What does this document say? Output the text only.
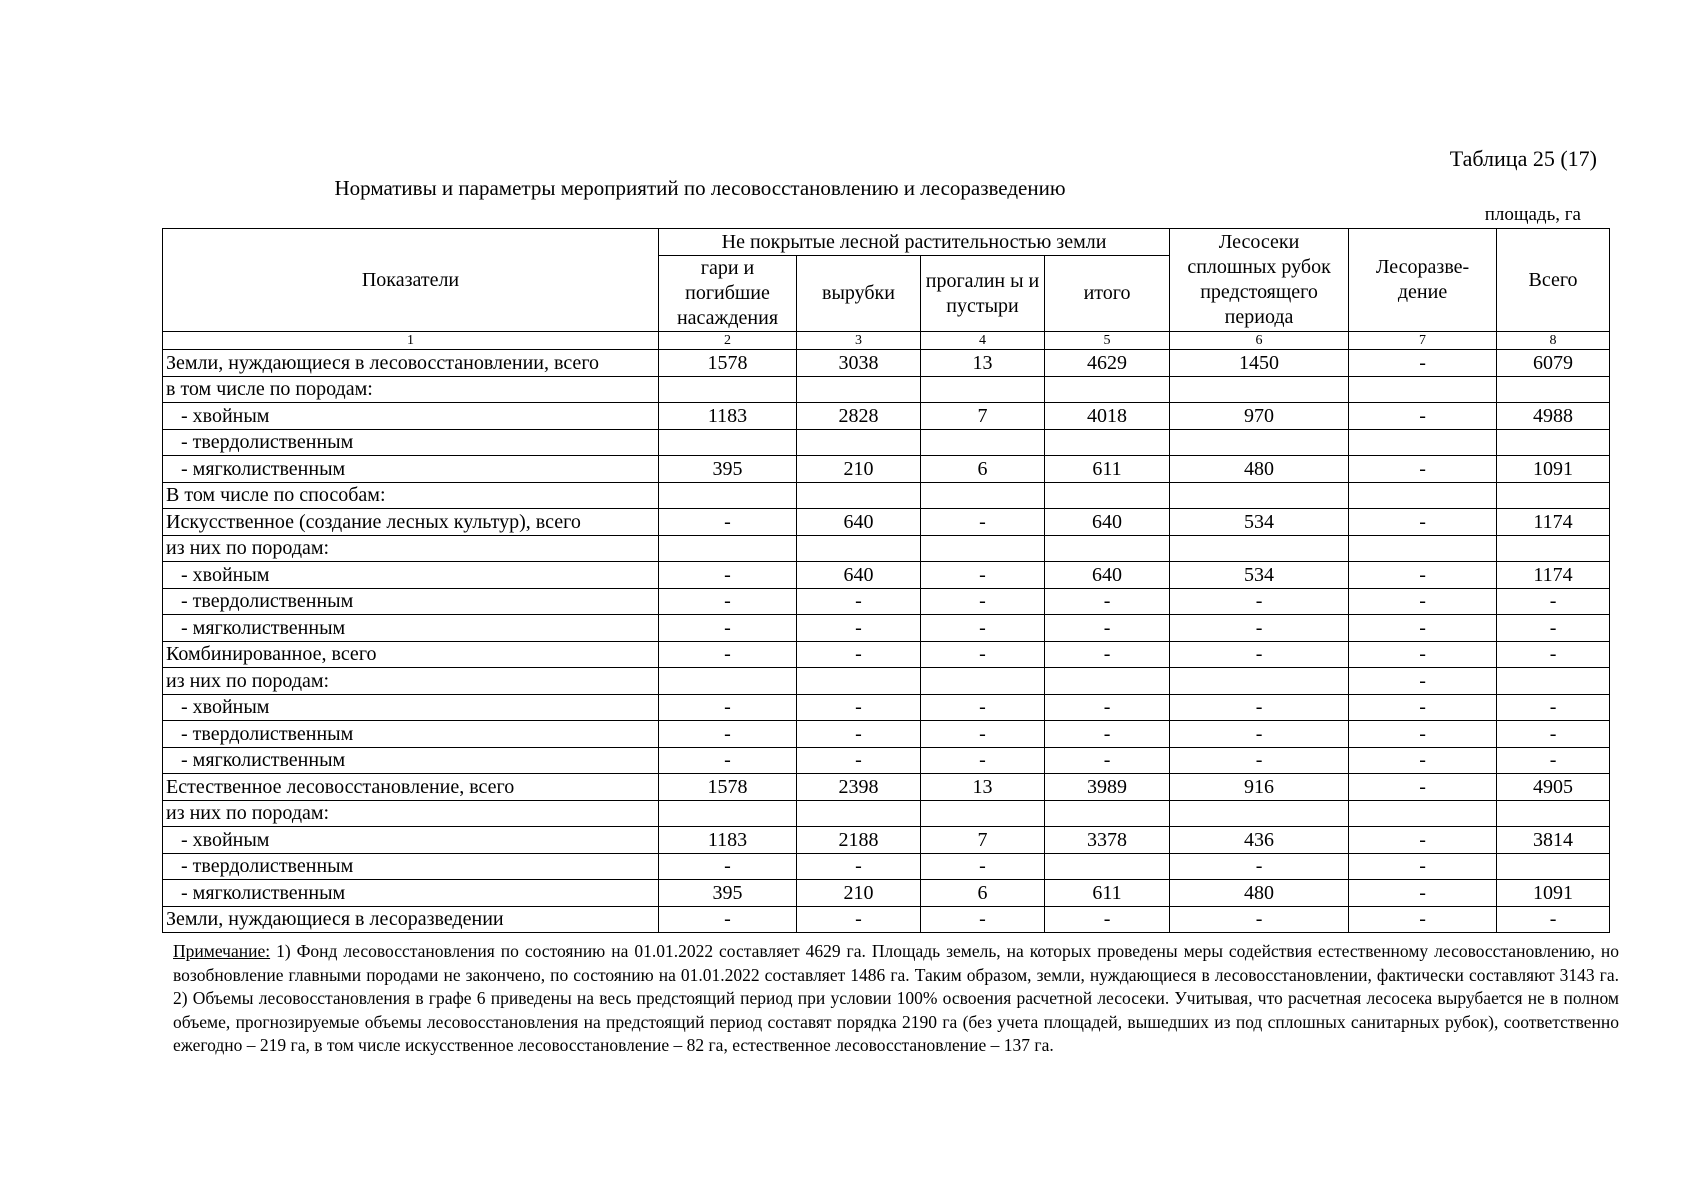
Таблица 25 (17)
Нормативы и параметры мероприятий по лесовосстановлению и лесоразведению
площадь, га
Показатели	Не покрытые лесной растительностью земли				Лесосеки сплошных рубок предстоящего периода	Лесоразве-дение	Всего
	гари и погибшие насаждения	вырубки	прогалин ы и пустыри	итого			
1	2	3	4	5	6	7	8
Земли, нуждающиеся в лесовосстановлении, всего	1578	3038	13	4629	1450	-	6079
в том числе по породам:							
- хвойным	1183	2828	7	4018	970	-	4988
- твердолиственным							
- мягколиственным	395	210	6	611	480	-	1091
В том числе по способам:							
Искусственное (создание лесных культур), всего	-	640	-	640	534	-	1174
из них по породам:							
- хвойным	-	640	-	640	534	-	1174
- твердолиственным	-	-	-	-	-	-	-
- мягколиственным	-	-	-	-	-	-	-
Комбинированное, всего	-	-	-	-	-	-	-
из них по породам:						-	
- хвойным	-	-	-	-	-	-	-
- твердолиственным	-	-	-	-	-	-	-
- мягколиственным	-	-	-	-	-	-	-
Естественное лесовосстановление, всего	1578	2398	13	3989	916	-	4905
из них по породам:							
- хвойным	1183	2188	7	3378	436	-	3814
- твердолиственным	-	-	-		-	-	
- мягколиственным	395	210	6	611	480	-	1091
Земли, нуждающиеся в лесоразведении	-	-	-	-	-	-	-
Примечание: 1) Фонд лесовосстановления по состоянию на 01.01.2022 составляет 4629 га. Площадь земель, на которых проведены меры содействия естественному лесовосстановлению, но возобновление главными породами не закончено, по состоянию на 01.01.2022 составляет 1486 га. Таким образом, земли, нуждающиеся в лесовосстановлении, фактически составляют 3143 га. 2) Объемы лесовосстановления в графе 6 приведены на весь предстоящий период при условии 100% освоения расчетной лесосеки. Учитывая, что расчетная лесосека вырубается не в полном объеме, прогнозируемые объемы лесовосстановления на предстоящий период составят порядка 2190 га (без учета площадей, вышедших из под сплошных санитарных рубок), соответственно ежегодно – 219 га, в том числе искусственное лесовосстановление – 82 га, естественное лесовосстановление – 137 га.
